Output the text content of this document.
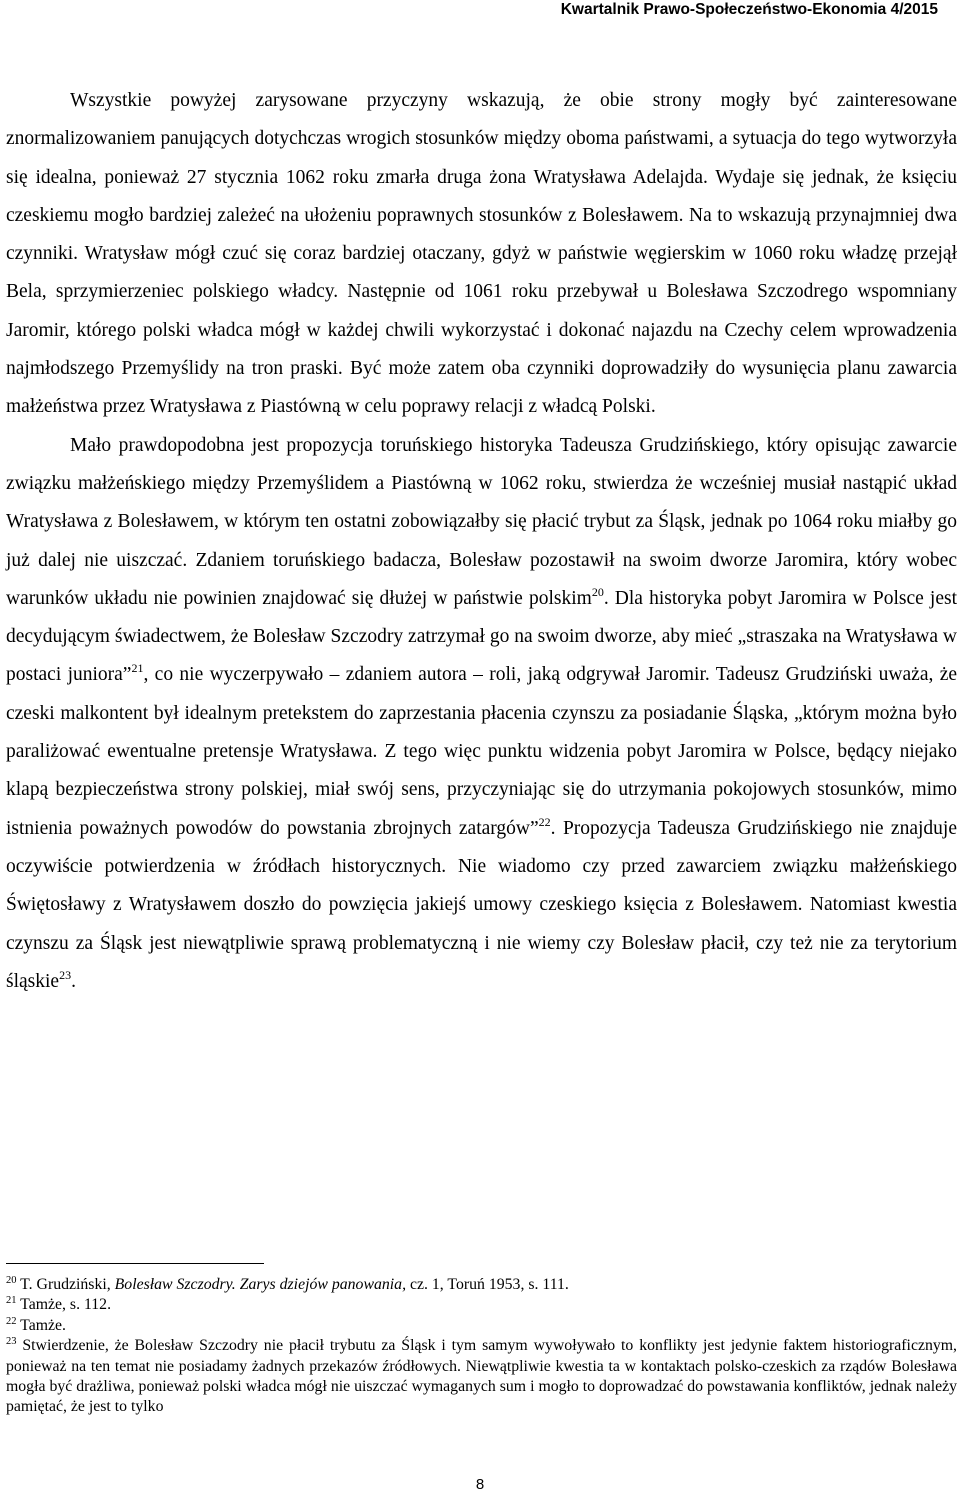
Kwartalnik Prawo-Społeczeństwo-Ekonomia 4/2015

Wszystkie powyżej zarysowane przyczyny wskazują, że obie strony mogły być zainteresowane znormalizowaniem panujących dotychczas wrogich stosunków między oboma państwami, a sytuacja do tego wytworzyła się idealna, ponieważ 27 stycznia 1062 roku zmarła druga żona Wratysława Adelajda. Wydaje się jednak, że księciu czeskiemu mogło bardziej zależeć na ułożeniu poprawnych stosunków z Bolesławem. Na to wskazują przynajmniej dwa czynniki. Wratysław mógł czuć się coraz bardziej otaczany, gdyż w państwie węgierskim w 1060 roku władzę przejął Bela, sprzymierzeniec polskiego władcy. Następnie od 1061 roku przebywał u Bolesława Szczodrego wspomniany Jaromir, którego polski władca mógł w każdej chwili wykorzystać i dokonać najazdu na Czechy celem wprowadzenia najmłodszego Przemyślidy na tron praski. Być może zatem oba czynniki doprowadziły do wysunięcia planu zawarcia małżeństwa przez Wratysława z Piastówną w celu poprawy relacji z władcą Polski.

Mało prawdopodobna jest propozycja toruńskiego historyka Tadeusza Grudzińskiego, który opisując zawarcie związku małżeńskiego między Przemyślidem a Piastówną w 1062 roku, stwierdza że wcześniej musiał nastąpić układ Wratysława z Bolesławem, w którym ten ostatni zobowiązałby się płacić trybut za Śląsk, jednak po 1064 roku miałby go już dalej nie uiszczać. Zdaniem toruńskiego badacza, Bolesław pozostawił na swoim dworze Jaromira, który wobec warunków układu nie powinien znajdować się dłużej w państwie polskim$^{20}$. Dla historyka pobyt Jaromira w Polsce jest decydującym świadectwem, że Bolesław Szczodry zatrzymał go na swoim dworze, aby mieć „straszaka na Wratysława w postaci juniora”$^{21}$, co nie wyczerpywało – zdaniem autora – roli, jaką odgrywał Jaromir. Tadeusz Grudziński uważa, że czeski malkontent był idealnym pretekstem do zaprzestania płacenia czynszu za posiadanie Śląska, „którym można było paraliżować ewentualne pretensje Wratysława. Z tego więc punktu widzenia pobyt Jaromira w Polsce, będący niejako klapą bezpieczeństwa strony polskiej, miał swój sens, przyczyniając się do utrzymania pokojowych stosunków, mimo istnienia poważnych powodów do powstania zbrojnych zatargów”$^{22}$. Propozycja Tadeusza Grudzińskiego nie znajduje oczywiście potwierdzenia w źródłach historycznych. Nie wiadomo czy przed zawarciem związku małżeńskiego Świętosławy z Wratysławem doszło do powzięcia jakiejś umowy czeskiego księcia z Bolesławem. Natomiast kwestia czynszu za Śląsk jest niewątpliwie sprawą problematyczną i nie wiemy czy Bolesław płacił, czy też nie za terytorium śląskie$^{23}$.

$^{20}$ T. Grudziński, Bolesław Szczodry. Zarys dziejów panowania, cz. 1, Toruń 1953, s. 111.

$^{21}$ Tamże, s. 112.

$^{22}$ Tamże.

$^{23}$ Stwierdzenie, że Bolesław Szczodry nie płacił trybutu za Śląsk i tym samym wywoływało to konflikty jest jedynie faktem historiograficznym, ponieważ na ten temat nie posiadamy żadnych przekazów źródłowych. Niewątpliwie kwestia ta w kontaktach polsko-czeskich za rządów Bolesława mogła być drażliwa, ponieważ polski władca mógł nie uiszczać wymaganych sum i mogło to doprowadzać do powstawania konfliktów, jednak należy pamiętać, że jest to tylko

8
